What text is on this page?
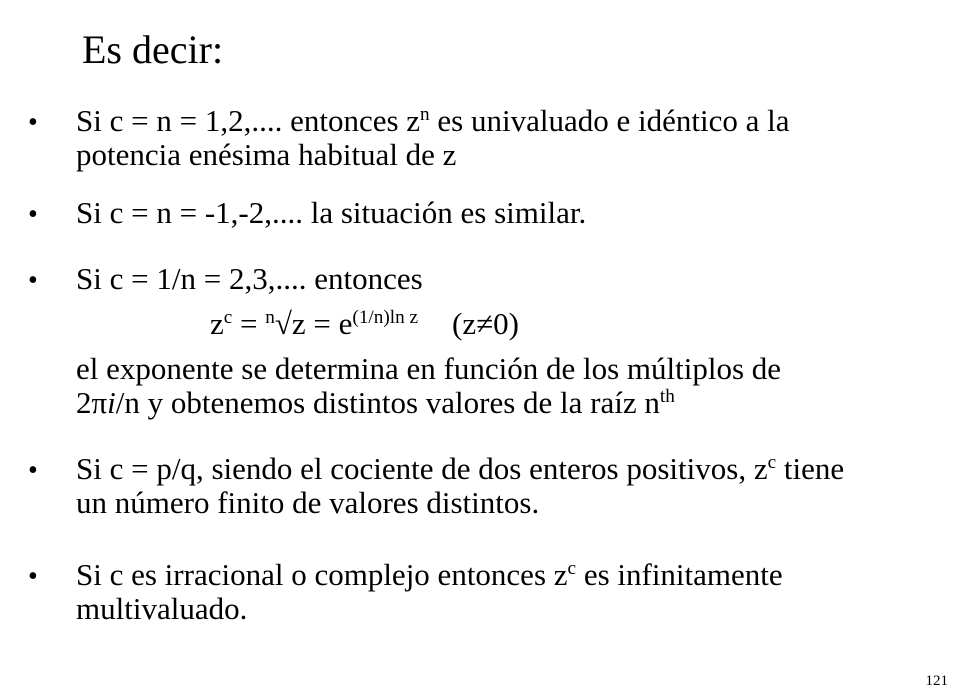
Es decir:
• Si c = n = 1,2,.... entonces $z^n$ es univaluado e idéntico a la
potencia enésima habitual de z
• Si c = n = -1,-2,.... la situación es similar.
• Si c = 1/n = 2,3,.... entonces
$z^c = ^n√z = e^{(1/n)ln z}$ (z≠0)
el exponente se determina en función de los múltiplos de
2πi/n y obtenemos distintos valores de la raíz $n^{th}$
• Si c = p/q, siendo el cociente de dos enteros positivos, $z^c$ tiene
un número finito de valores distintos.
• Si c es irracional o complejo entonces $z^c$ es infinitamente
multivaluado.
121
